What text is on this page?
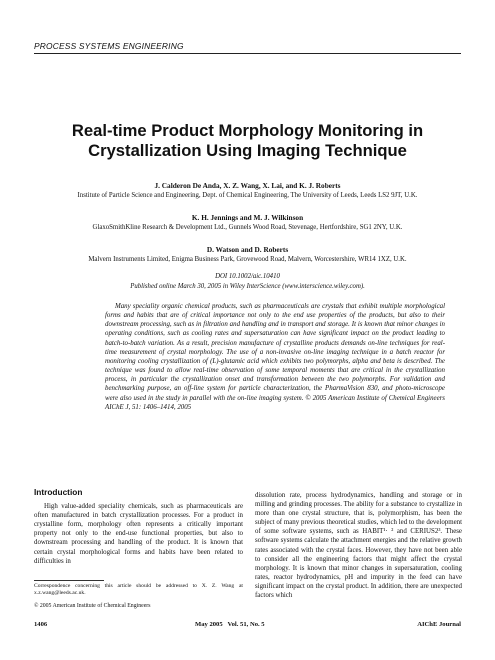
PROCESS SYSTEMS ENGINEERING
Real-time Product Morphology Monitoring in
Crystallization Using Imaging Technique
J. Calderon De Anda, X. Z. Wang, X. Lai, and K. J. Roberts
Institute of Particle Science and Engineering, Dept. of Chemical Engineering, The University of Leeds, Leeds LS2 9JT, U.K.
K. H. Jennings and M. J. Wilkinson
GlaxoSmithKline Research & Development Ltd., Gunnels Wood Road, Stevenage, Hertfordshire, SG1 2NY, U.K.
D. Watson and D. Roberts
Malvern Instruments Limited, Enigma Business Park, Grovewood Road, Malvern, Worcestershire, WR14 1XZ, U.K.
DOI 10.1002/aic.10410
Published online March 30, 2005 in Wiley InterScience (www.interscience.wiley.com).

Many speciality organic chemical products, such as pharmaceuticals are crystals that exhibit multiple morphological forms and habits that are of critical importance not only to the end use properties of the products, but also to their downstream processing, such as in filtration and handling and in transport and storage. It is known that minor changes in operating conditions, such as cooling rates and supersaturation can have significant impact on the product leading to batch-to-batch variation. As a result, precision manufacture of crystalline products demands on-line techniques for real-time measurement of crystal morphology. The use of a non-invasive on-line imaging technique in a batch reactor for monitoring cooling crystallization of (L)-glutamic acid which exhibits two polymorphs, alpha and beta is described. The technique was found to allow real-time observation of some temporal moments that are critical in the crystallization process, in particular the crystallization onset and transformation between the two polymorphs. For validation and benchmarking purpose, an off-line system for particle characterization, the PharmaVision 830, and photo-microscope were also used in the study in parallel with the on-line imaging system. © 2005 American Institute of Chemical Engineers AIChE J, 51: 1406–1414, 2005

Introduction

High value-added speciality chemicals, such as pharmaceuticals are often manufactured in batch crystallization processes. For a product in crystalline form, morphology often represents a critically important property not only to the end-use functional properties, but also to downstream processing and handling of the product. It is known that certain crystal morphological forms and habits have been related to difficulties in

dissolution rate, process hydrodynamics, handling and storage or in milling and grinding processes. The ability for a substance to crystallize in more than one crystal structure, that is, polymorphism, has been the subject of many previous theoretical studies, which led to the development of some software systems, such as HABIT¹· ² and CERIUS2³. These software systems calculate the attachment energies and the relative growth rates associated with the crystal faces. However, they have not been able to consider all the engineering factors that might affect the crystal morphology. It is known that minor changes in supersaturation, cooling rates, reactor hydrodynamics, pH and impurity in the feed can have significant impact on the crystal product. In addition, there are unexpected factors which

Correspondence concerning this article should be addressed to X. Z. Wang at x.z.wang@leeds.ac.uk.
© 2005 American Institute of Chemical Engineers
1406	May 2005   Vol. 51, No. 5	AIChE Journal
